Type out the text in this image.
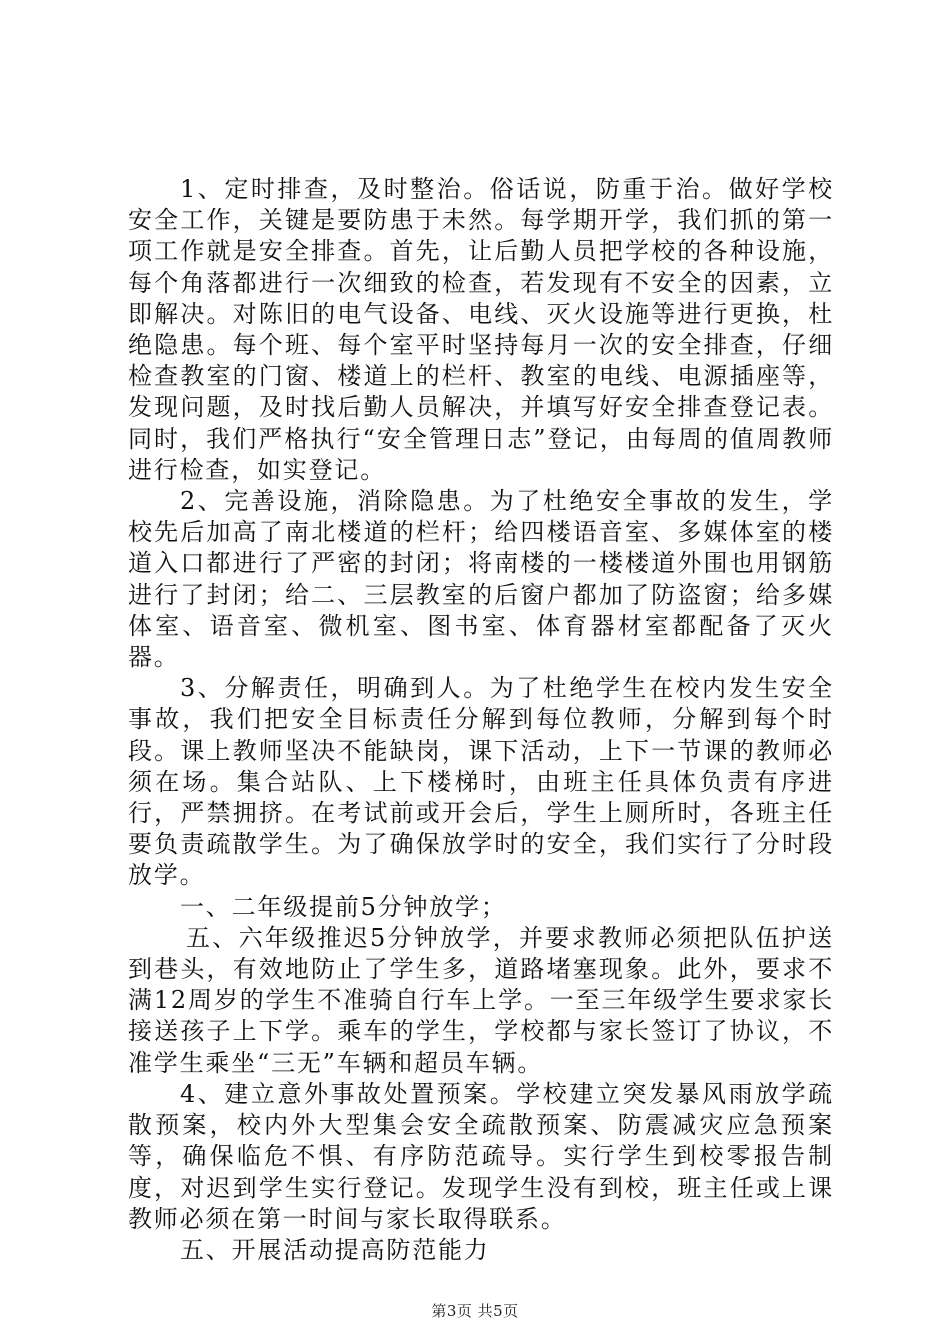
1、定时排查，及时整治。俗话说，防重于治。做好学校安全工作，关键是要防患于未然。每学期开学，我们抓的第一项工作就是安全排查。首先，让后勤人员把学校的各种设施，每个角落都进行一次细致的检查，若发现有不安全的因素，立即解决。对陈旧的电气设备、电线、灭火设施等进行更换，杜绝隐患。每个班、每个室平时坚持每月一次的安全排查，仔细检查教室的门窗、楼道上的栏杆、教室的电线、电源插座等，发现问题，及时找后勤人员解决，并填写好安全排查登记表。同时，我们严格执行“安全管理日志”登记，由每周的值周教师进行检查，如实登记。

2、完善设施，消除隐患。为了杜绝安全事故的发生，学校先后加高了南北楼道的栏杆；给四楼语音室、多媒体室的楼道入口都进行了严密的封闭；将南楼的一楼楼道外围也用钢筋进行了封闭；给二、三层教室的后窗户都加了防盗窗；给多媒体室、语音室、微机室、图书室、体育器材室都配备了灭火器。

3、分解责任，明确到人。为了杜绝学生在校内发生安全事故，我们把安全目标责任分解到每位教师，分解到每个时段。课上教师坚决不能缺岗，课下活动，上下一节课的教师必须在场。集合站队、上下楼梯时，由班主任具体负责有序进行，严禁拥挤。在考试前或开会后，学生上厕所时，各班主任要负责疏散学生。为了确保放学时的安全，我们实行了分时段放学。

一、二年级提前5分钟放学；

五、六年级推迟5分钟放学，并要求教师必须把队伍护送到巷头，有效地防止了学生多，道路堵塞现象。此外，要求不满12周岁的学生不准骑自行车上学。一至三年级学生要求家长接送孩子上下学。乘车的学生，学校都与家长签订了协议，不准学生乘坐“三无”车辆和超员车辆。

4、建立意外事故处置预案。学校建立突发暴风雨放学疏散预案，校内外大型集会安全疏散预案、防震减灾应急预案等，确保临危不惧、有序防范疏导。实行学生到校零报告制度，对迟到学生实行登记。发现学生没有到校，班主任或上课教师必须在第一时间与家长取得联系。

五、开展活动提高防范能力

第3页 共5页
